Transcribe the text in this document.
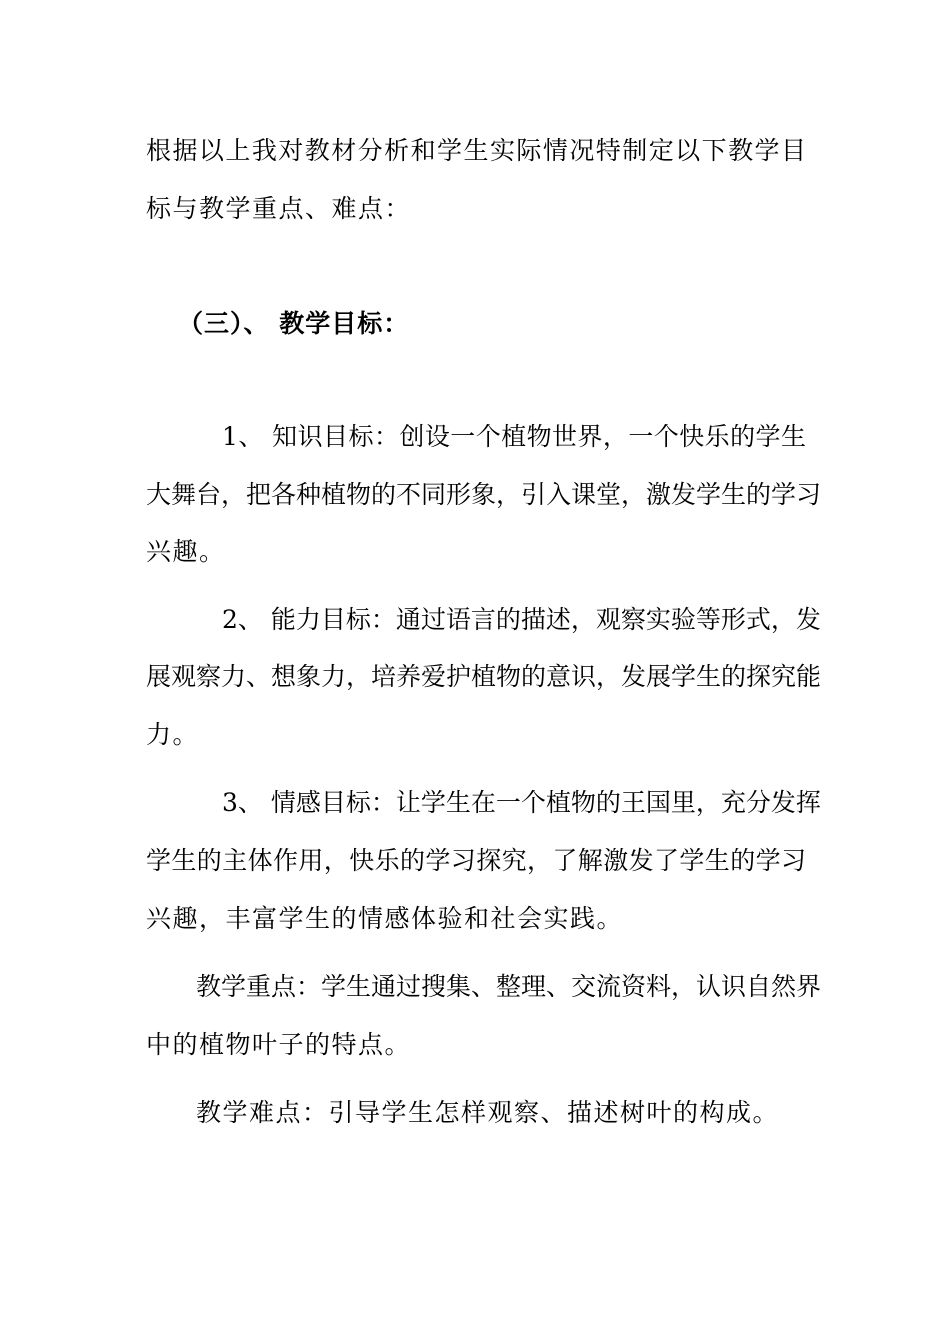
根据以上我对教材分析和学生实际情况特制定以下教学目
标与教学重点、难点：
（三）、 教学目标：
1、 知识目标：创设一个植物世界，一个快乐的学生
大舞台，把各种植物的不同形象，引入课堂，激发学生的学习
兴趣。
2、 能力目标：通过语言的描述，观察实验等形式，发
展观察力、想象力，培养爱护植物的意识，发展学生的探究能
力。
3、 情感目标：让学生在一个植物的王国里，充分发挥
学生的主体作用，快乐的学习探究，了解激发了学生的学习
兴趣，丰富学生的情感体验和社会实践。
教学重点：学生通过搜集、整理、交流资料，认识自然界
中的植物叶子的特点。
教学难点：引导学生怎样观察、描述树叶的构成。
